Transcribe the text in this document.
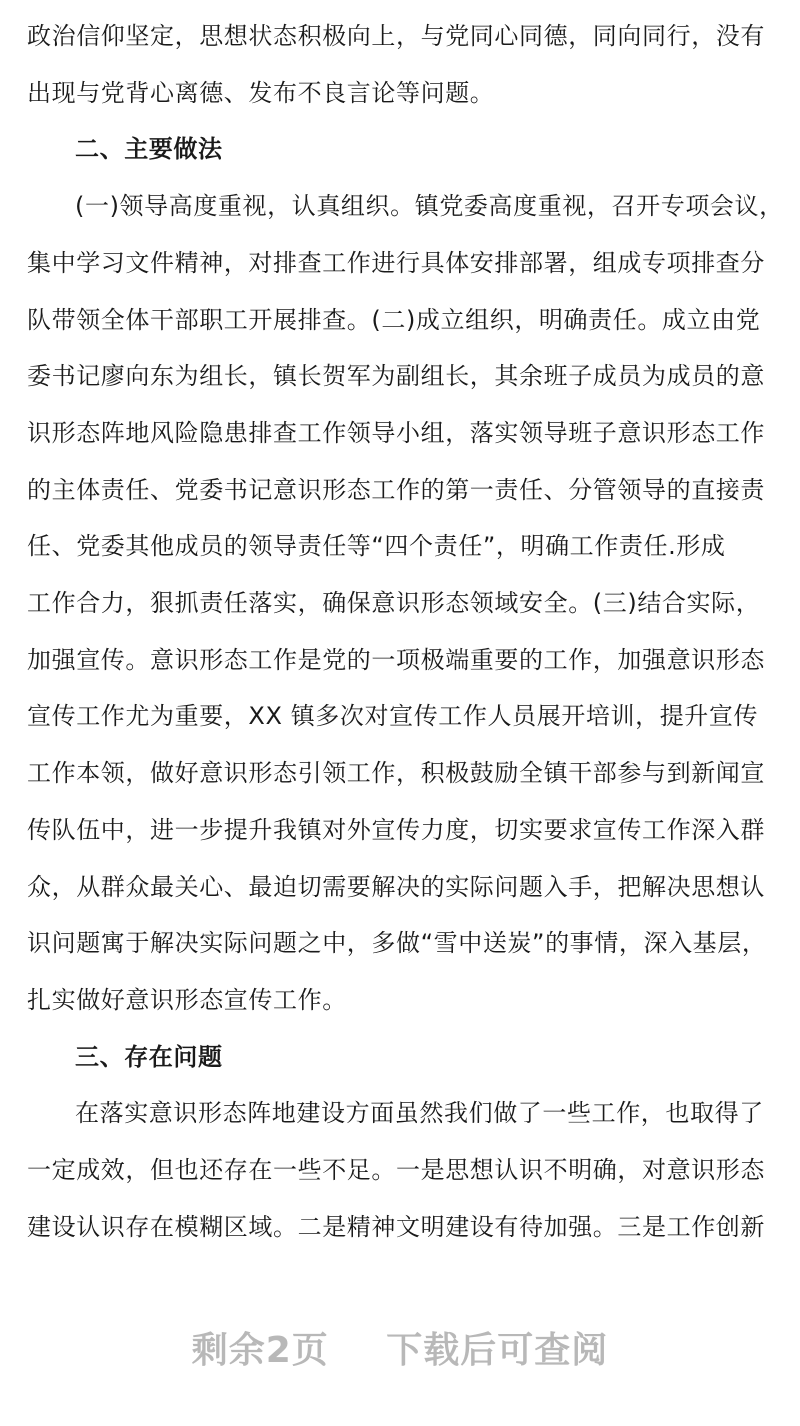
政治信仰坚定，思想状态积极向上，与党同心同德，同向同行，没有
出现与党背心离德、发布不良言论等问题。
二、主要做法
(一)领导高度重视，认真组织。镇党委高度重视，召开专项会议，
集中学习文件精神，对排查工作进行具体安排部署，组成专项排查分
队带领全体干部职工开展排查。(二)成立组织，明确责任。成立由党
委书记廖向东为组长，镇长贺军为副组长，其余班子成员为成员的意
识形态阵地风险隐患排查工作领导小组，落实领导班子意识形态工作
的主体责任、党委书记意识形态工作的第一责任、分管领导的直接责
任、党委其他成员的领导责任等“四个责任”，明确工作责任.形成
工作合力，狠抓责任落实，确保意识形态领域安全。(三)结合实际，
加强宣传。意识形态工作是党的一项极端重要的工作，加强意识形态
宣传工作尤为重要，XX 镇多次对宣传工作人员展开培训，提升宣传
工作本领，做好意识形态引领工作，积极鼓励全镇干部参与到新闻宣
传队伍中，进一步提升我镇对外宣传力度，切实要求宣传工作深入群
众，从群众最关心、最迫切需要解决的实际问题入手，把解决思想认
识问题寓于解决实际问题之中，多做“雪中送炭”的事情，深入基层，
扎实做好意识形态宣传工作。
三、存在问题
在落实意识形态阵地建设方面虽然我们做了一些工作，也取得了
一定成效，但也还存在一些不足。一是思想认识不明确，对意识形态
建设认识存在模糊区域。二是精神文明建设有待加强。三是工作创新
剩余2页 下载后可查阅
